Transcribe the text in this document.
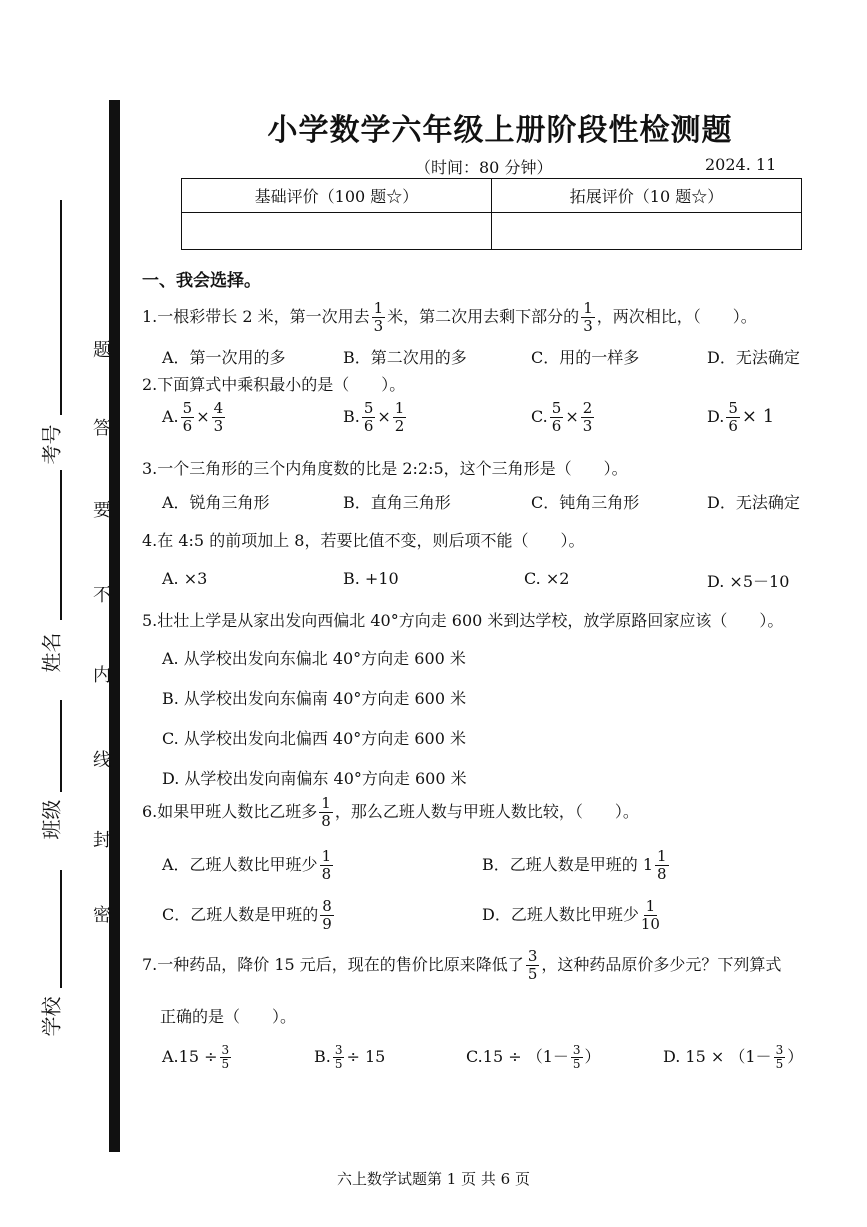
考号
姓名
班级
学校
密
封
线
内
不
要
答
题
小学数学六年级上册阶段性检测题
（时间：80 分钟）	2024. 11
基础评价（100 题☆）	拓展评价（10 题☆）

一、我会选择。
1.一根彩带长 2 米，第一次用去 $\frac{1}{3}$ 米，第二次用去剩下部分的 $\frac{1}{3}$ ，两次相比，（　　）。
A．第一次用的多	B．第二次用的多	C．用的一样多	D．无法确定
2.下面算式中乘积最小的是（　　）。
A. $\frac{5}{6} \times \frac{4}{3}$	B. $\frac{5}{6} \times \frac{1}{2}$	C. $\frac{5}{6} \times \frac{2}{3}$	D. $\frac{5}{6} \times 1$
3.一个三角形的三个内角度数的比是 2:2:5，这个三角形是（　　）。
A．锐角三角形	B．直角三角形	C．钝角三角形	D．无法确定
4.在 4:5 的前项加上 8，若要比值不变，则后项不能（　　）。
A. ×3	B. +10	C. ×2	D. ×5－10
5.壮壮上学是从家出发向西偏北 40°方向走 600 米到达学校，放学原路回家应该（　　）。
A. 从学校出发向东偏北 40°方向走 600 米
B. 从学校出发向东偏南 40°方向走 600 米
C. 从学校出发向北偏西 40°方向走 600 米
D. 从学校出发向南偏东 40°方向走 600 米
6.如果甲班人数比乙班多 $\frac{1}{8}$ ，那么乙班人数与甲班人数比较，（　　）。
A．乙班人数比甲班少 $\frac{1}{8}$	B．乙班人数是甲班的 $1 \frac{1}{8}$
C．乙班人数是甲班的 $\frac{8}{9}$	D．乙班人数比甲班少 $\frac{1}{10}$
7.一种药品，降价 15 元后，现在的售价比原来降低了 $\frac{3}{5}$ ，这种药品原价多少元？下列算式
正确的是（　　）。
$A.15 \div \frac{3}{5}$	B. $\frac{3}{5} \div 15$	$C.15 \div (1- \frac{3}{5}$ ）	D. $15 \times (1- \frac{3}{5}$ ）
六上数学试题第 1 页 共 6 页
